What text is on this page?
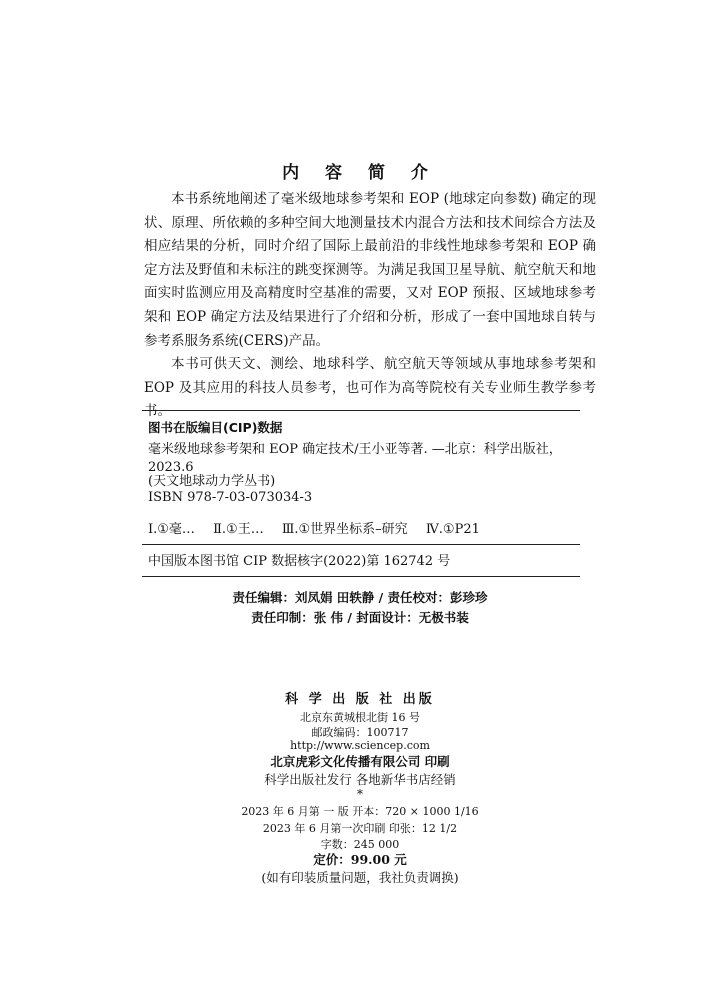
内 容 简 介

本书系统地阐述了毫米级地球参考架和 EOP (地球定向参数) 确定的现状、原理、所依赖的多种空间大地测量技术内混合方法和技术间综合方法及相应结果的分析，同时介绍了国际上最前沿的非线性地球参考架和 EOP 确定方法及野值和未标注的跳变探测等。为满足我国卫星导航、航空航天和地面实时监测应用及高精度时空基准的需要，又对 EOP 预报、区域地球参考架和 EOP 确定方法及结果进行了介绍和分析，形成了一套中国地球自转与参考系服务系统(CERS)产品。

本书可供天文、测绘、地球科学、航空航天等领域从事地球参考架和 EOP 及其应用的科技人员参考，也可作为高等院校有关专业师生教学参考书。

图书在版编目(CIP)数据
毫米级地球参考架和 EOP 确定技术/王小亚等著. —北京：科学出版社，
2023.6
(天文地球动力学丛书)
ISBN 978-7-03-073034-3
Ⅰ.①毫… Ⅱ.①王… Ⅲ.①世界坐标系–研究 Ⅳ.①P21
中国版本图书馆 CIP 数据核字(2022)第 162742 号
责任编辑：刘凤娟 田轶静 / 责任校对：彭珍珍
责任印制：张 伟 / 封面设计：无极书装
科 学 出 版 社 出版
北京东黄城根北街 16 号
邮政编码：100717
http://www.sciencep.com
北京虎彩文化传播有限公司 印刷
科学出版社发行 各地新华书店经销
*
2023 年 6 月第 一 版 开本：720 × 1000 1/16
2023 年 6 月第一次印刷 印张：12 1/2
字数：245 000
定价：99.00 元
(如有印装质量问题，我社负责调换)
